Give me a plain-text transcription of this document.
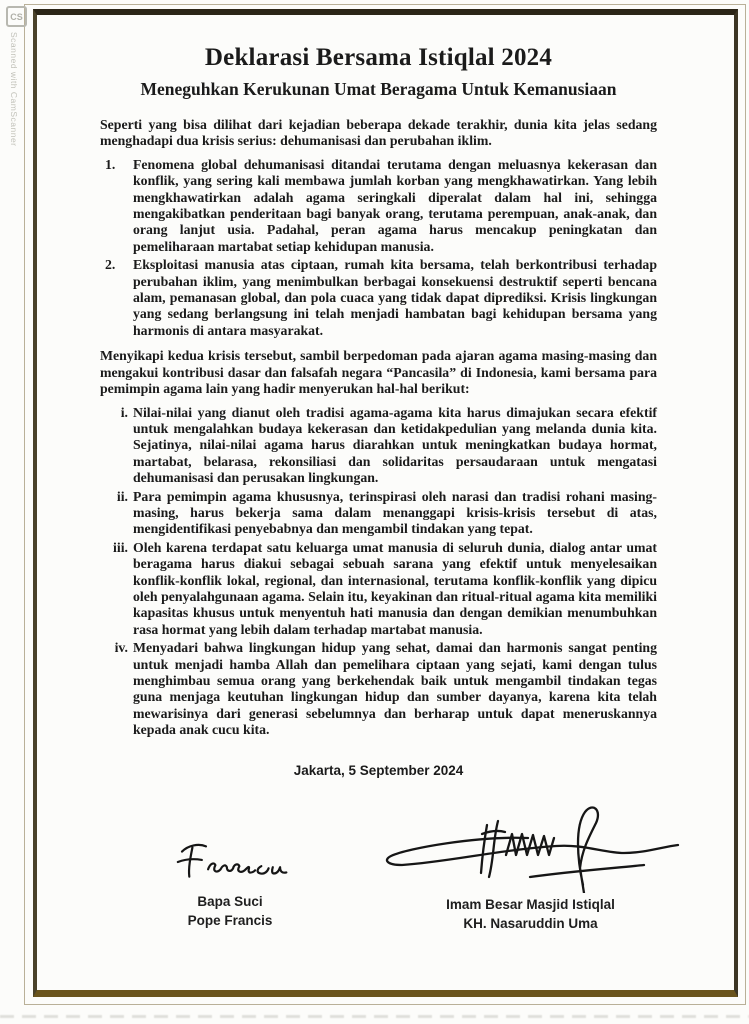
CS
Scanned with CamScanner	Deklarasi Bersama Istiqlal 2024
Meneguhkan Kerukunan Umat Beragama Untuk Kemanusiaan
Seperti yang bisa dilihat dari kejadian beberapa dekade terakhir, dunia kita jelas sedang menghadapi dua krisis serius: dehumanisasi dan perubahan iklim.
1.	Fenomena global dehumanisasi ditandai terutama dengan meluasnya kekerasan dan konflik, yang sering kali membawa jumlah korban yang mengkhawatirkan. Yang lebih mengkhawatirkan adalah agama seringkali diperalat dalam hal ini, sehingga mengakibatkan penderitaan bagi banyak orang, terutama perempuan, anak-anak, dan orang lanjut usia. Padahal, peran agama harus mencakup peningkatan dan pemeliharaan martabat setiap kehidupan manusia.
2.	Eksploitasi manusia atas ciptaan, rumah kita bersama, telah berkontribusi terhadap perubahan iklim, yang menimbulkan berbagai konsekuensi destruktif seperti bencana alam, pemanasan global, dan pola cuaca yang tidak dapat diprediksi. Krisis lingkungan yang sedang berlangsung ini telah menjadi hambatan bagi kehidupan bersama yang harmonis di antara masyarakat.
Menyikapi kedua krisis tersebut, sambil berpedoman pada ajaran agama masing-masing dan mengakui kontribusi dasar dan falsafah negara “Pancasila” di Indonesia, kami bersama para pemimpin agama lain yang hadir menyerukan hal-hal berikut:
i. Nilai-nilai yang dianut oleh tradisi agama-agama kita harus dimajukan secara efektif untuk mengalahkan budaya kekerasan dan ketidakpedulian yang melanda dunia kita. Sejatinya, nilai-nilai agama harus diarahkan untuk meningkatkan budaya hormat, martabat, belarasa, rekonsiliasi dan solidaritas persaudaraan untuk mengatasi dehumanisasi dan perusakan lingkungan.
ii. Para pemimpin agama khususnya, terinspirasi oleh narasi dan tradisi rohani masing-masing, harus bekerja sama dalam menanggapi krisis-krisis tersebut di atas, mengidentifikasi penyebabnya dan mengambil tindakan yang tepat.
iii. Oleh karena terdapat satu keluarga umat manusia di seluruh dunia, dialog antar umat beragama harus diakui sebagai sebuah sarana yang efektif untuk menyelesaikan konflik-konflik lokal, regional, dan internasional, terutama konflik-konflik yang dipicu oleh penyalahgunaan agama. Selain itu, keyakinan dan ritual-ritual agama kita memiliki kapasitas khusus untuk menyentuh hati manusia dan dengan demikian menumbuhkan rasa hormat yang lebih dalam terhadap martabat manusia.
iv. Menyadari bahwa lingkungan hidup yang sehat, damai dan harmonis sangat penting untuk menjadi hamba Allah dan pemelihara ciptaan yang sejati, kami dengan tulus menghimbau semua orang yang berkehendak baik untuk mengambil tindakan tegas guna menjaga keutuhan lingkungan hidup dan sumber dayanya, karena kita telah mewarisinya dari generasi sebelumnya dan berharap untuk dapat meneruskannya kepada anak cucu kita.
Jakarta, 5 September 2024
Bapa Suci
Pope Francis
Imam Besar Masjid Istiqlal
KH. Nasaruddin Uma
